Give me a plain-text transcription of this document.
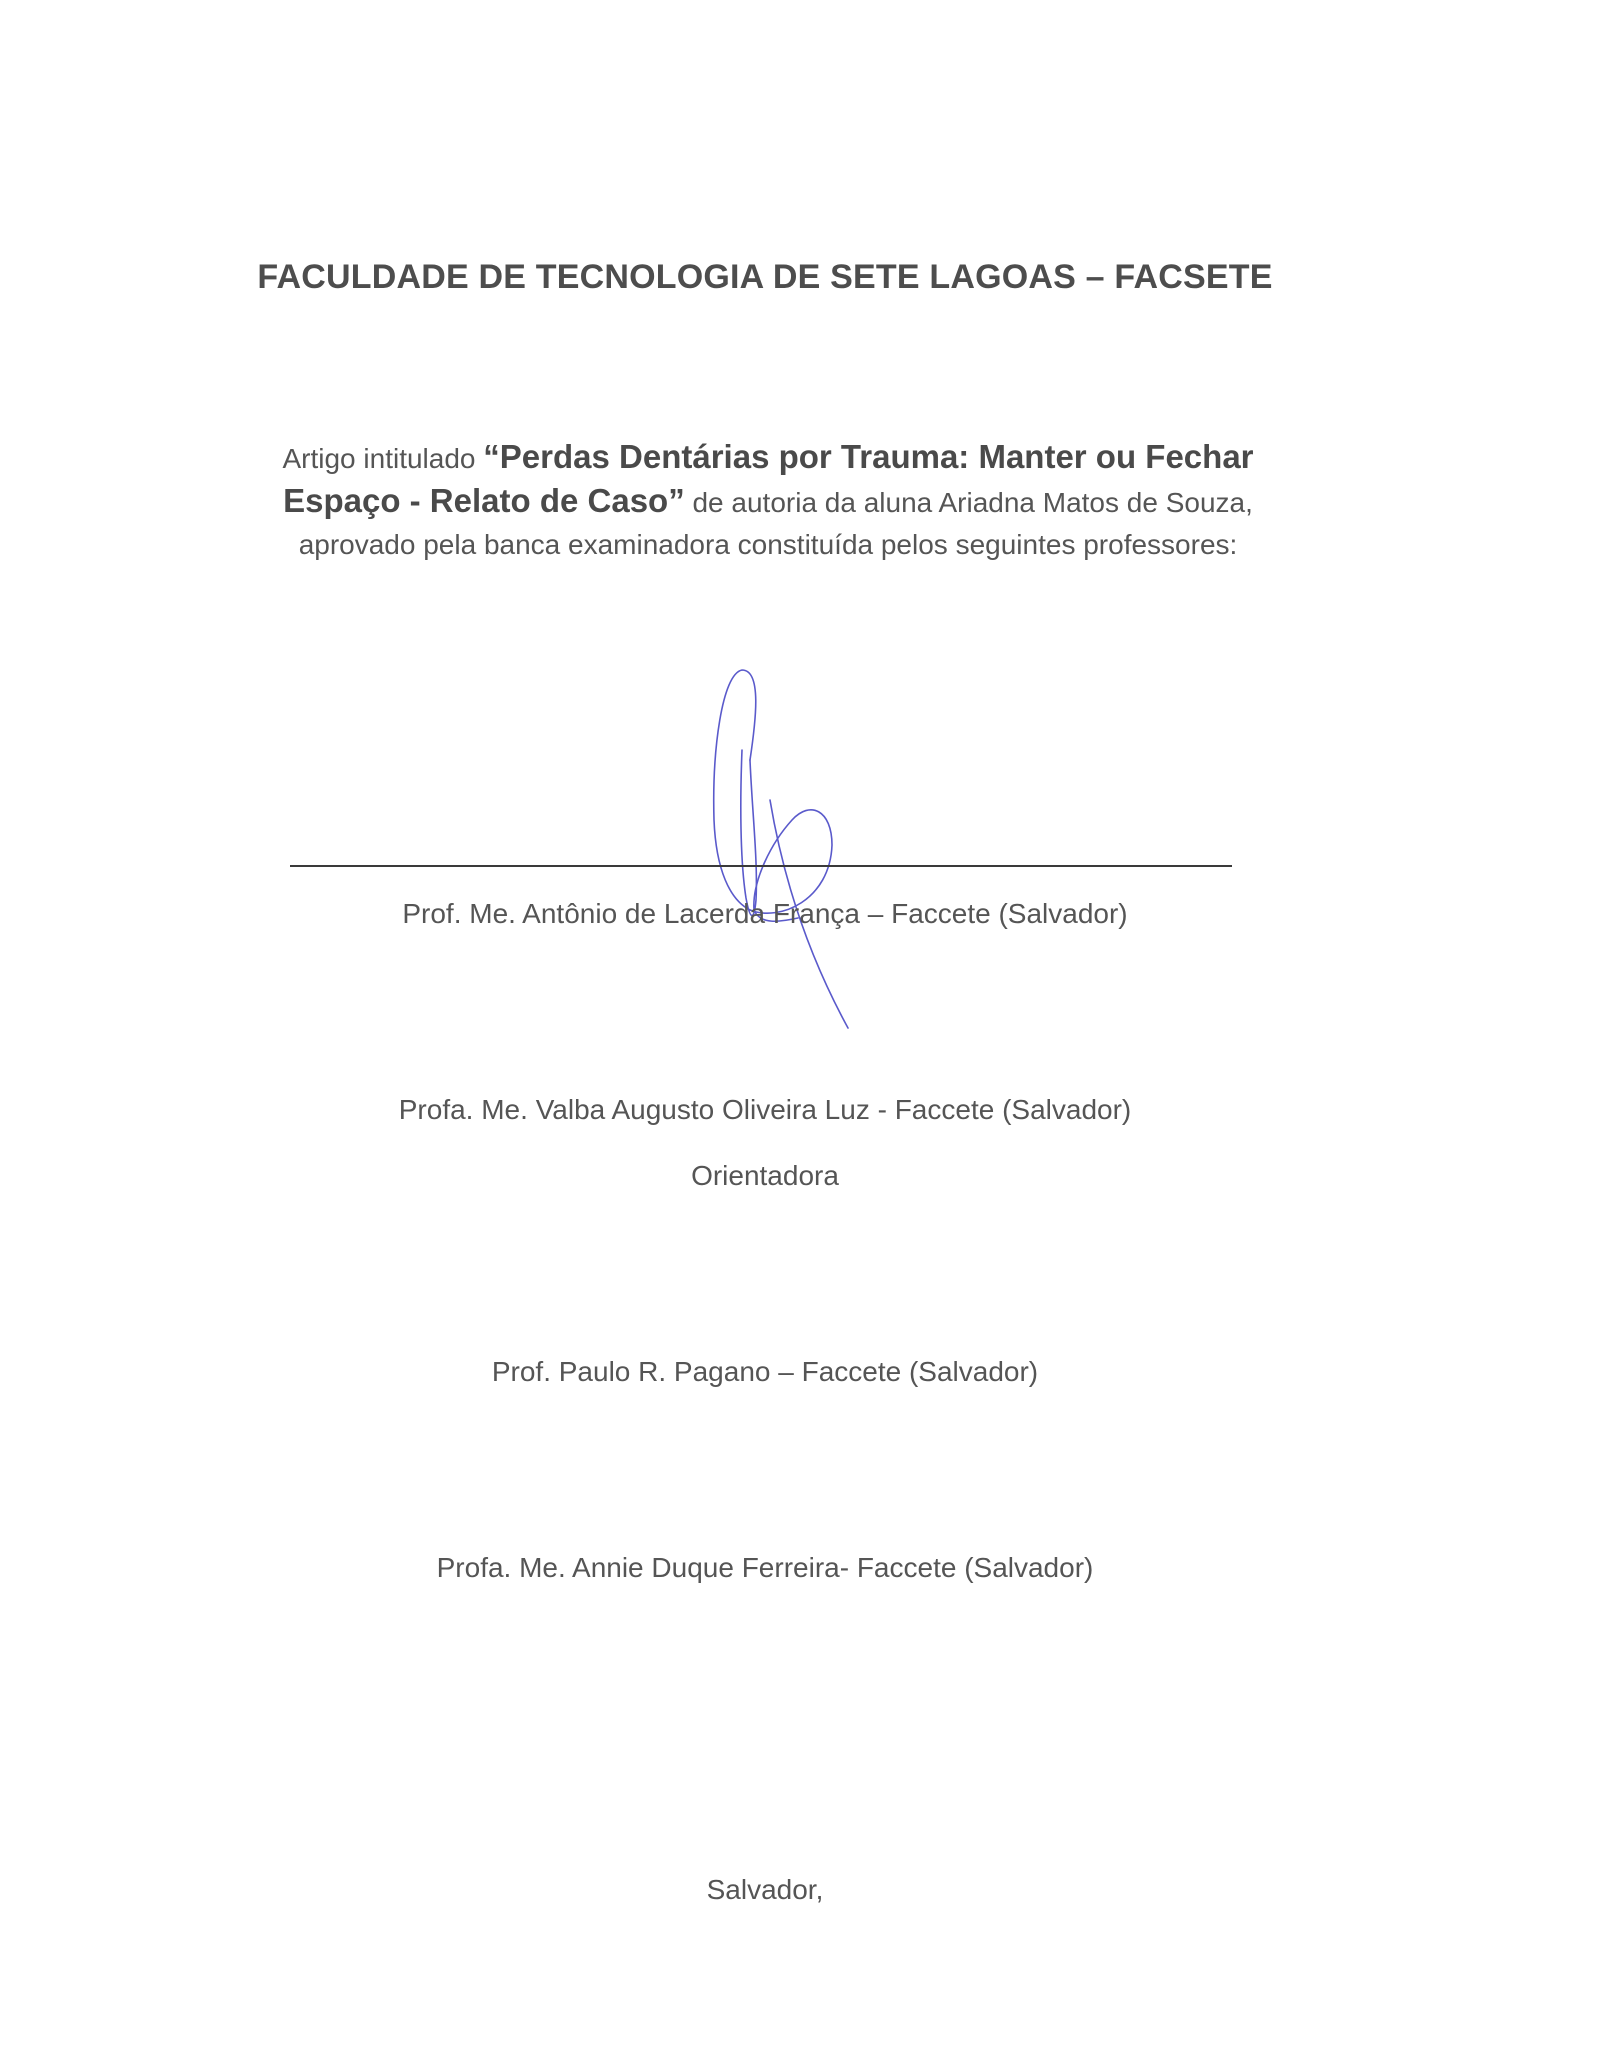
FACULDADE DE TECNOLOGIA DE SETE LAGOAS – FACSETE
Artigo intitulado “Perdas Dentárias por Trauma: Manter ou Fechar Espaço - Relato de Caso” de autoria da aluna Ariadna Matos de Souza, aprovado pela banca examinadora constituída pelos seguintes professores:
Prof. Me. Antônio de Lacerda França – Faccete (Salvador)
Profa. Me. Valba Augusto Oliveira Luz - Faccete (Salvador)
Orientadora
Prof. Paulo R. Pagano – Faccete (Salvador)
Profa. Me. Annie Duque Ferreira- Faccete (Salvador)
Salvador,
